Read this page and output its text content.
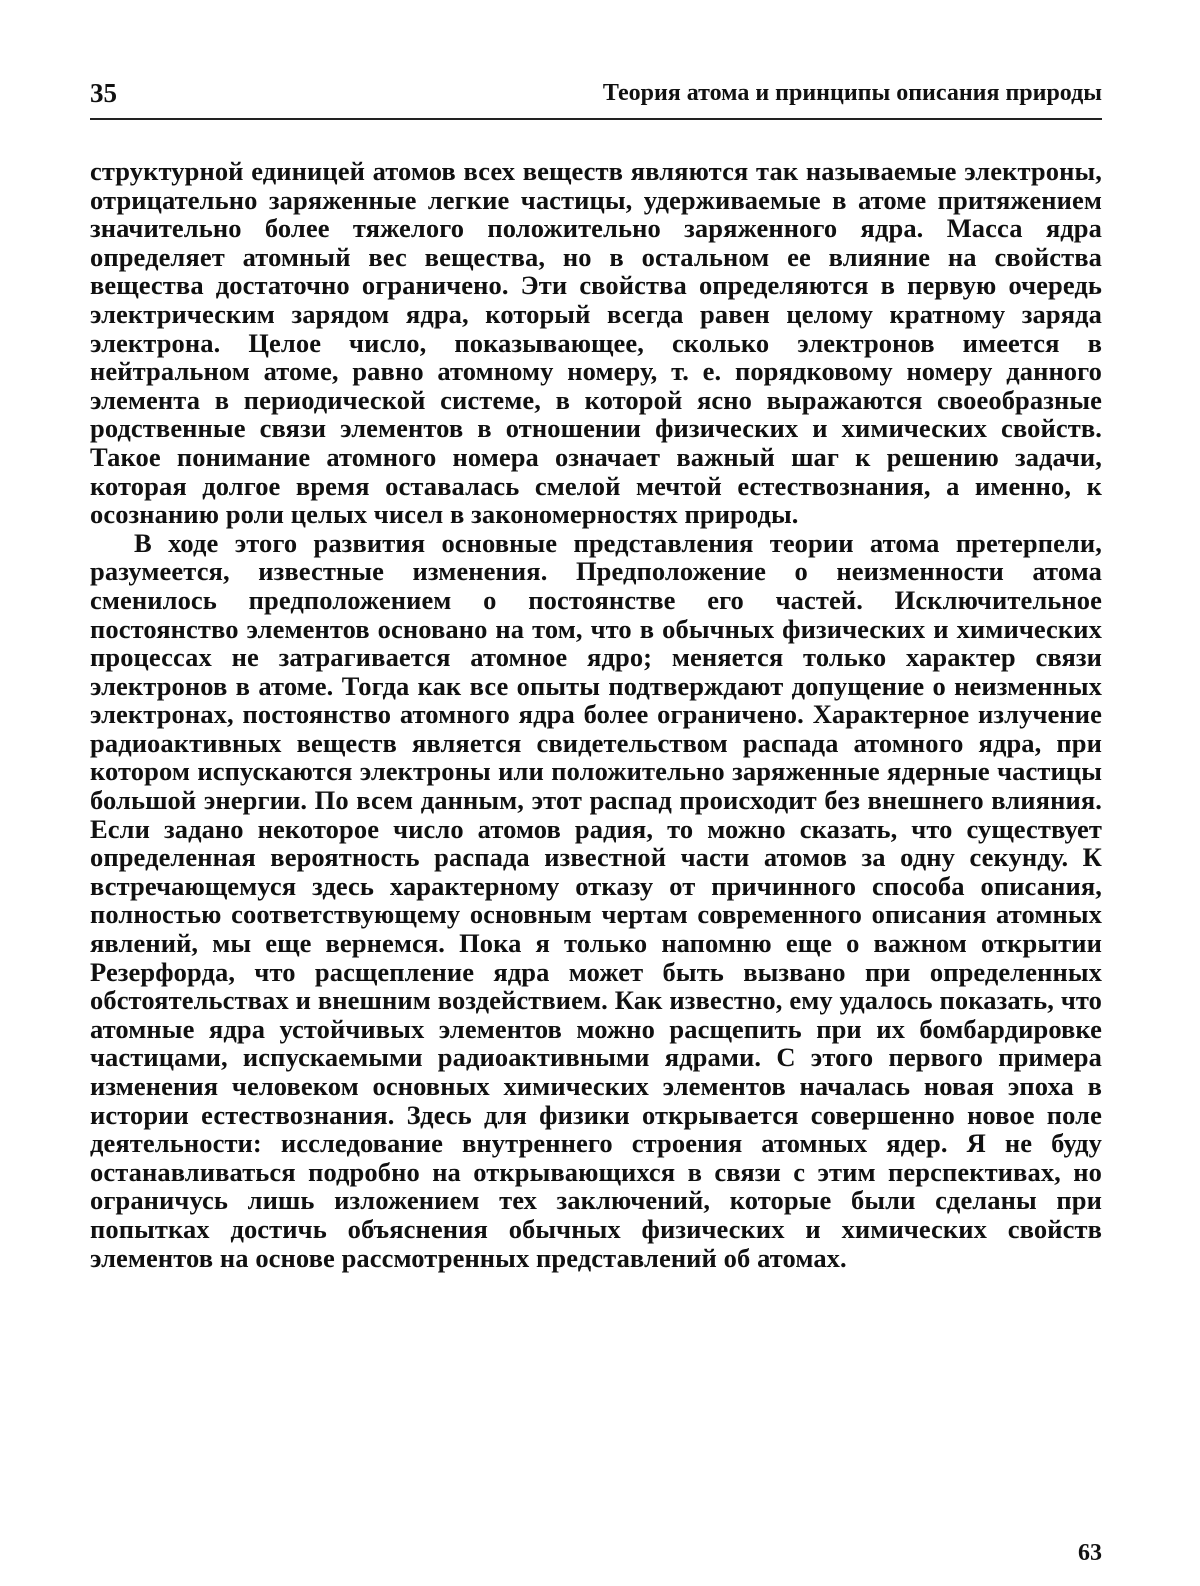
35	Теория атома и принципы описания природы

структурной единицей атомов всех веществ являются так называемые электроны, отрицательно заряженные легкие частицы, удерживаемые в атоме притяжением значительно более тяжелого положительно заряженного ядра. Масса ядра определяет атомный вес вещества, но в остальном ее влияние на свойства вещества достаточно ограничено. Эти свойства определяются в первую очередь электрическим зарядом ядра, который всегда равен целому кратному заряда электрона. Целое число, показывающее, сколько электронов имеется в нейтральном атоме, равно атомному номеру, т. е. порядковому номеру данного элемента в периодической системе, в которой ясно выражаются своеобразные родственные связи элементов в отношении физических и химических свойств. Такое понимание атомного номера означает важный шаг к решению задачи, которая долгое время оставалась смелой мечтой естествознания, а именно, к осознанию роли целых чисел в закономерностях природы.

В ходе этого развития основные представления теории атома претерпели, разумеется, известные изменения. Предположение о неизменности атома сменилось предположением о постоянстве его частей. Исключительное постоянство элементов основано на том, что в обычных физических и химических процессах не затрагивается атомное ядро; меняется только характер связи электронов в атоме. Тогда как все опыты подтверждают допущение о неизменных электронах, постоянство атомного ядра более ограничено. Характерное излучение радиоактивных веществ является свидетельством распада атомного ядра, при котором испускаются электроны или положительно заряженные ядерные частицы большой энергии. По всем данным, этот распад происходит без внешнего влияния. Если задано некоторое число атомов радия, то можно сказать, что существует определенная вероятность распада известной части атомов за одну секунду. К встречающемуся здесь характерному отказу от причинного способа описания, полностью соответствующему основным чертам современного описания атомных явлений, мы еще вернемся. Пока я только напомню еще о важном открытии Резерфорда, что расщепление ядра может быть вызвано при определенных обстоятельствах и внешним воздействием. Как известно, ему удалось показать, что атомные ядра устойчивых элементов можно расщепить при их бомбардировке частицами, испускаемыми радиоактивными ядрами. С этого первого примера изменения человеком основных химических элементов началась новая эпоха в истории естествознания. Здесь для физики открывается совершенно новое поле деятельности: исследование внутреннего строения атомных ядер. Я не буду останавливаться подробно на открывающихся в связи с этим перспективах, но ограничусь лишь изложением тех заключений, которые были сделаны при попытках достичь объяснения обычных физических и химических свойств элементов на основе рассмотренных представлений об атомах.

63
